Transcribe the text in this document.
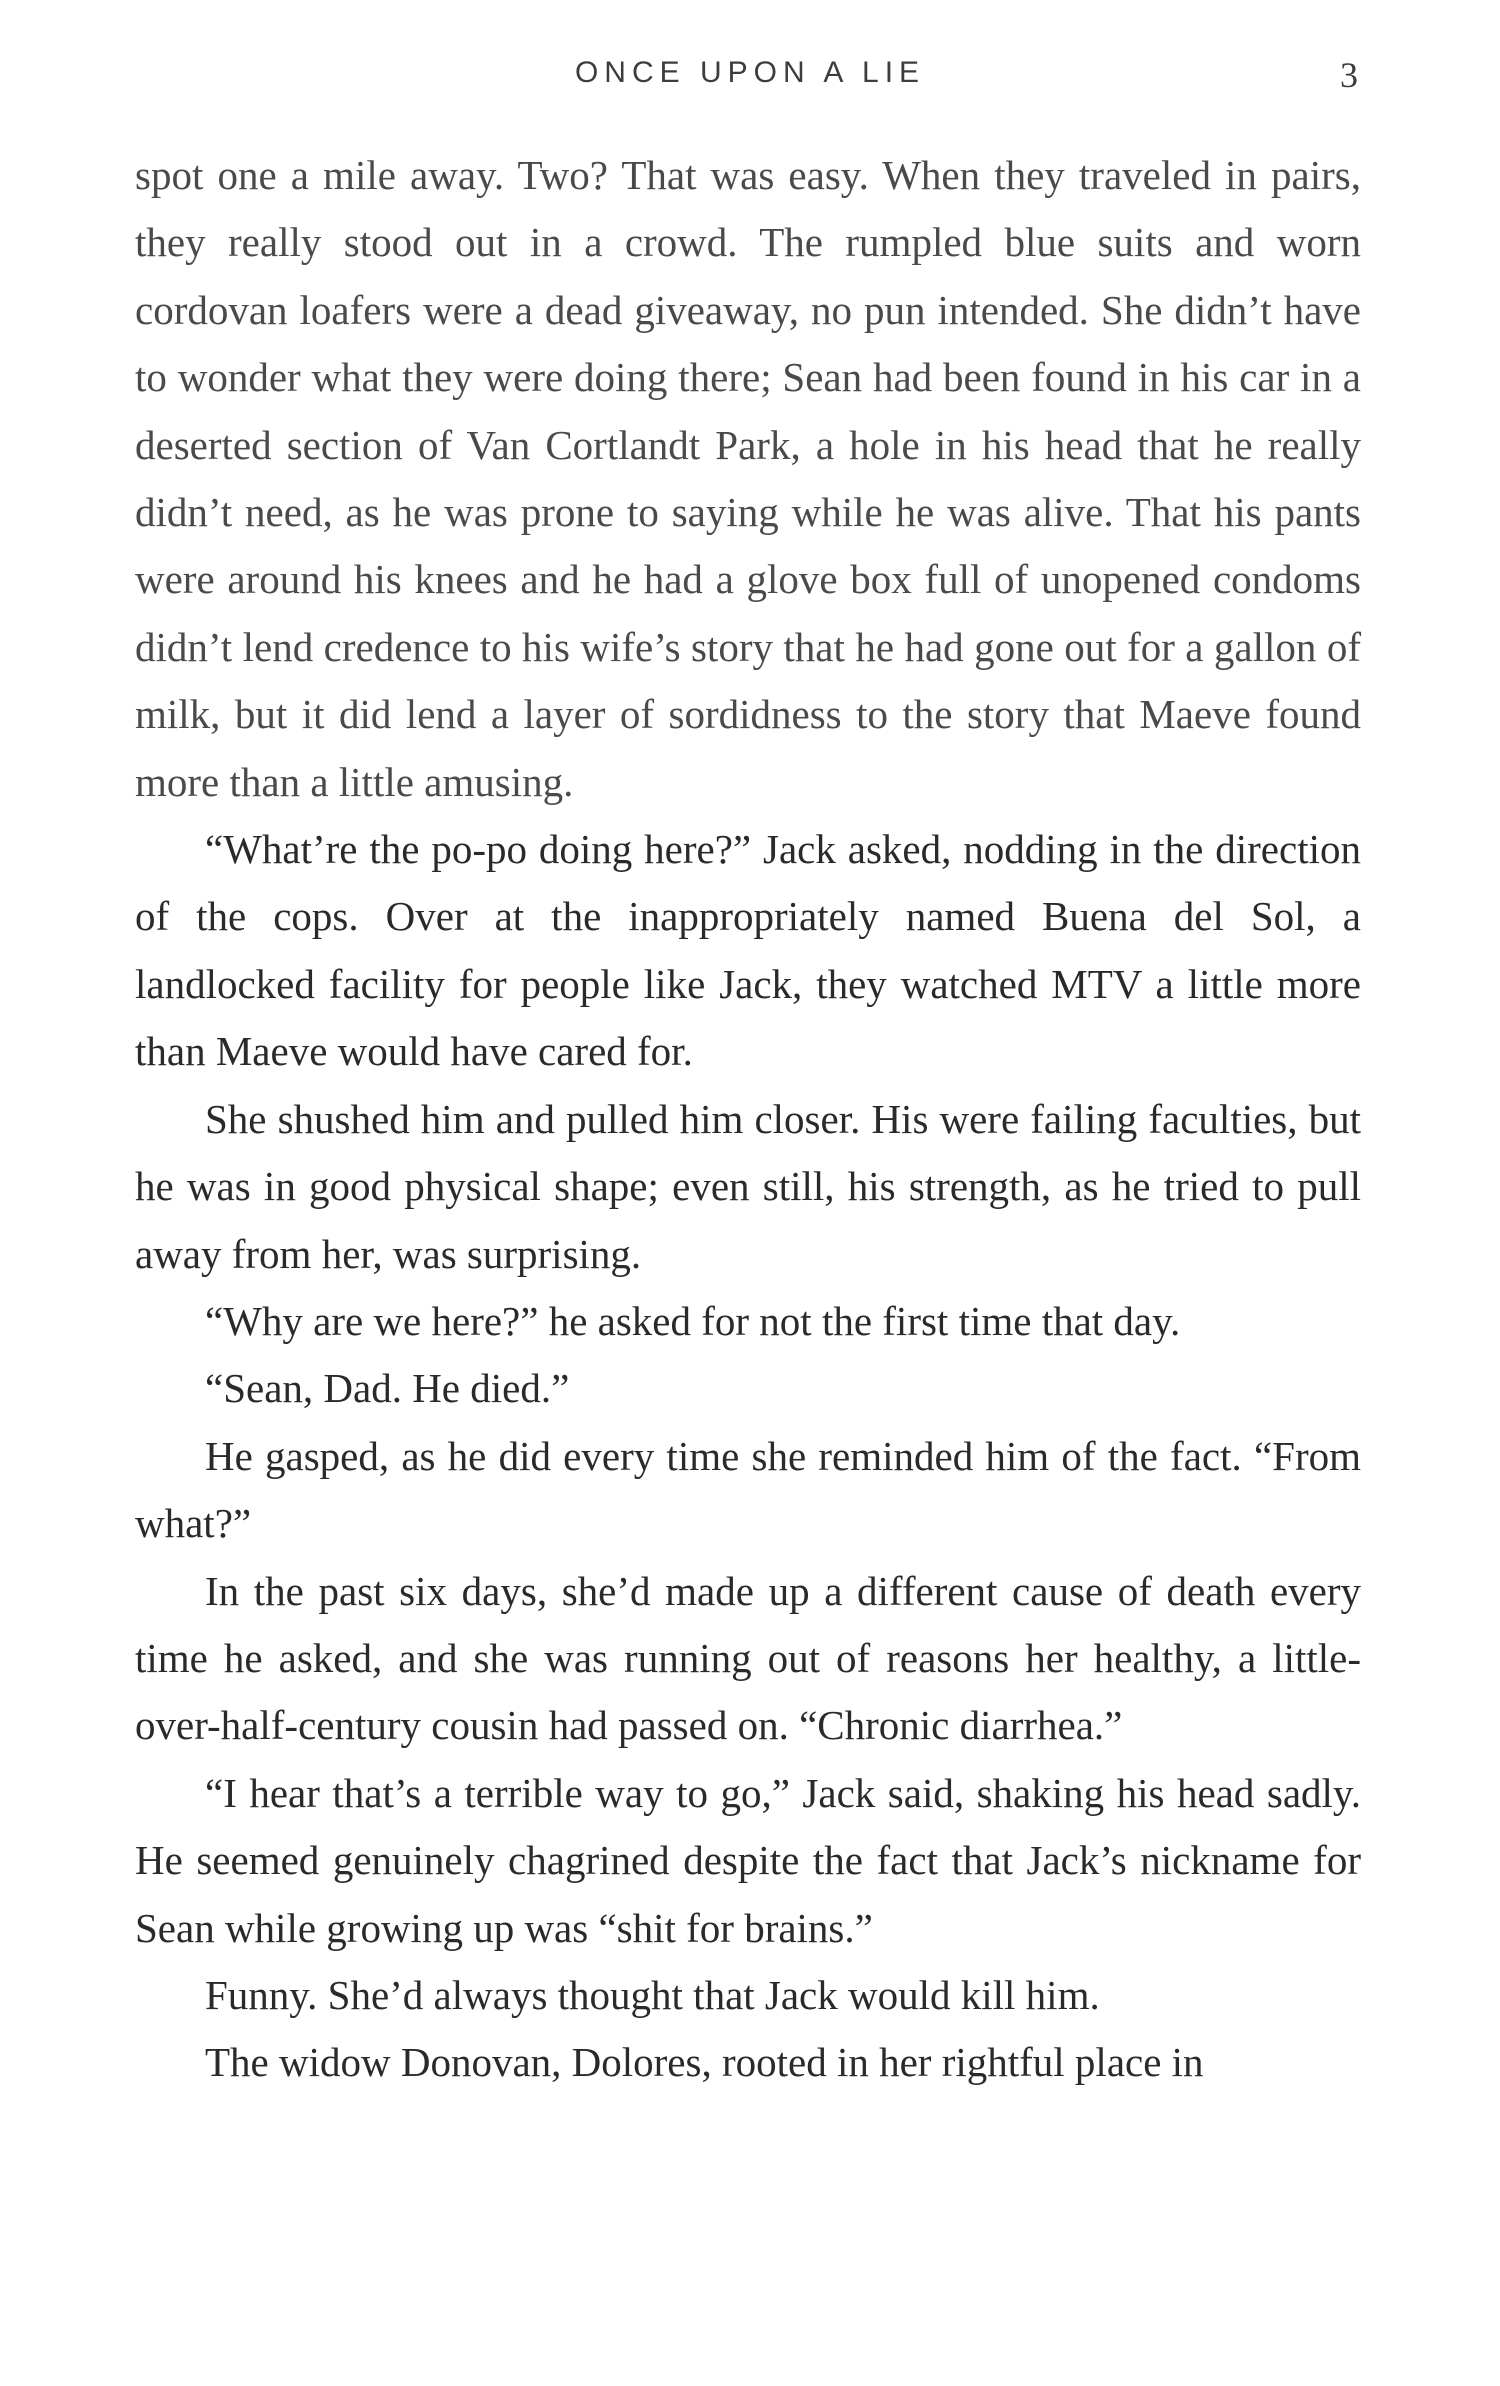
ONCE UPON A LIE	3

spot one a mile away. Two? That was easy. When they traveled in pairs, they really stood out in a crowd. The rumpled blue suits and worn cordovan loafers were a dead giveaway, no pun intended. She didn’t have to wonder what they were doing there; Sean had been found in his car in a deserted section of Van Cortlandt Park, a hole in his head that he really didn’t need, as he was prone to saying while he was alive. That his pants were around his knees and he had a glove box full of unopened condoms didn’t lend credence to his wife’s story that he had gone out for a gallon of milk, but it did lend a layer of sordidness to the story that Maeve found more than a little amusing.

“What’re the po-po doing here?” Jack asked, nodding in the direction of the cops. Over at the inappropriately named Buena del Sol, a landlocked facility for people like Jack, they watched MTV a little more than Maeve would have cared for.

She shushed him and pulled him closer. His were failing faculties, but he was in good physical shape; even still, his strength, as he tried to pull away from her, was surprising.

“Why are we here?” he asked for not the first time that day.

“Sean, Dad. He died.”

He gasped, as he did every time she reminded him of the fact. “From what?”

In the past six days, she’d made up a different cause of death every time he asked, and she was running out of reasons her healthy, a little-over-half-century cousin had passed on. “Chronic diarrhea.”

“I hear that’s a terrible way to go,” Jack said, shaking his head sadly. He seemed genuinely chagrined despite the fact that Jack’s nickname for Sean while growing up was “shit for brains.”

Funny. She’d always thought that Jack would kill him.

The widow Donovan, Dolores, rooted in her rightful place in
